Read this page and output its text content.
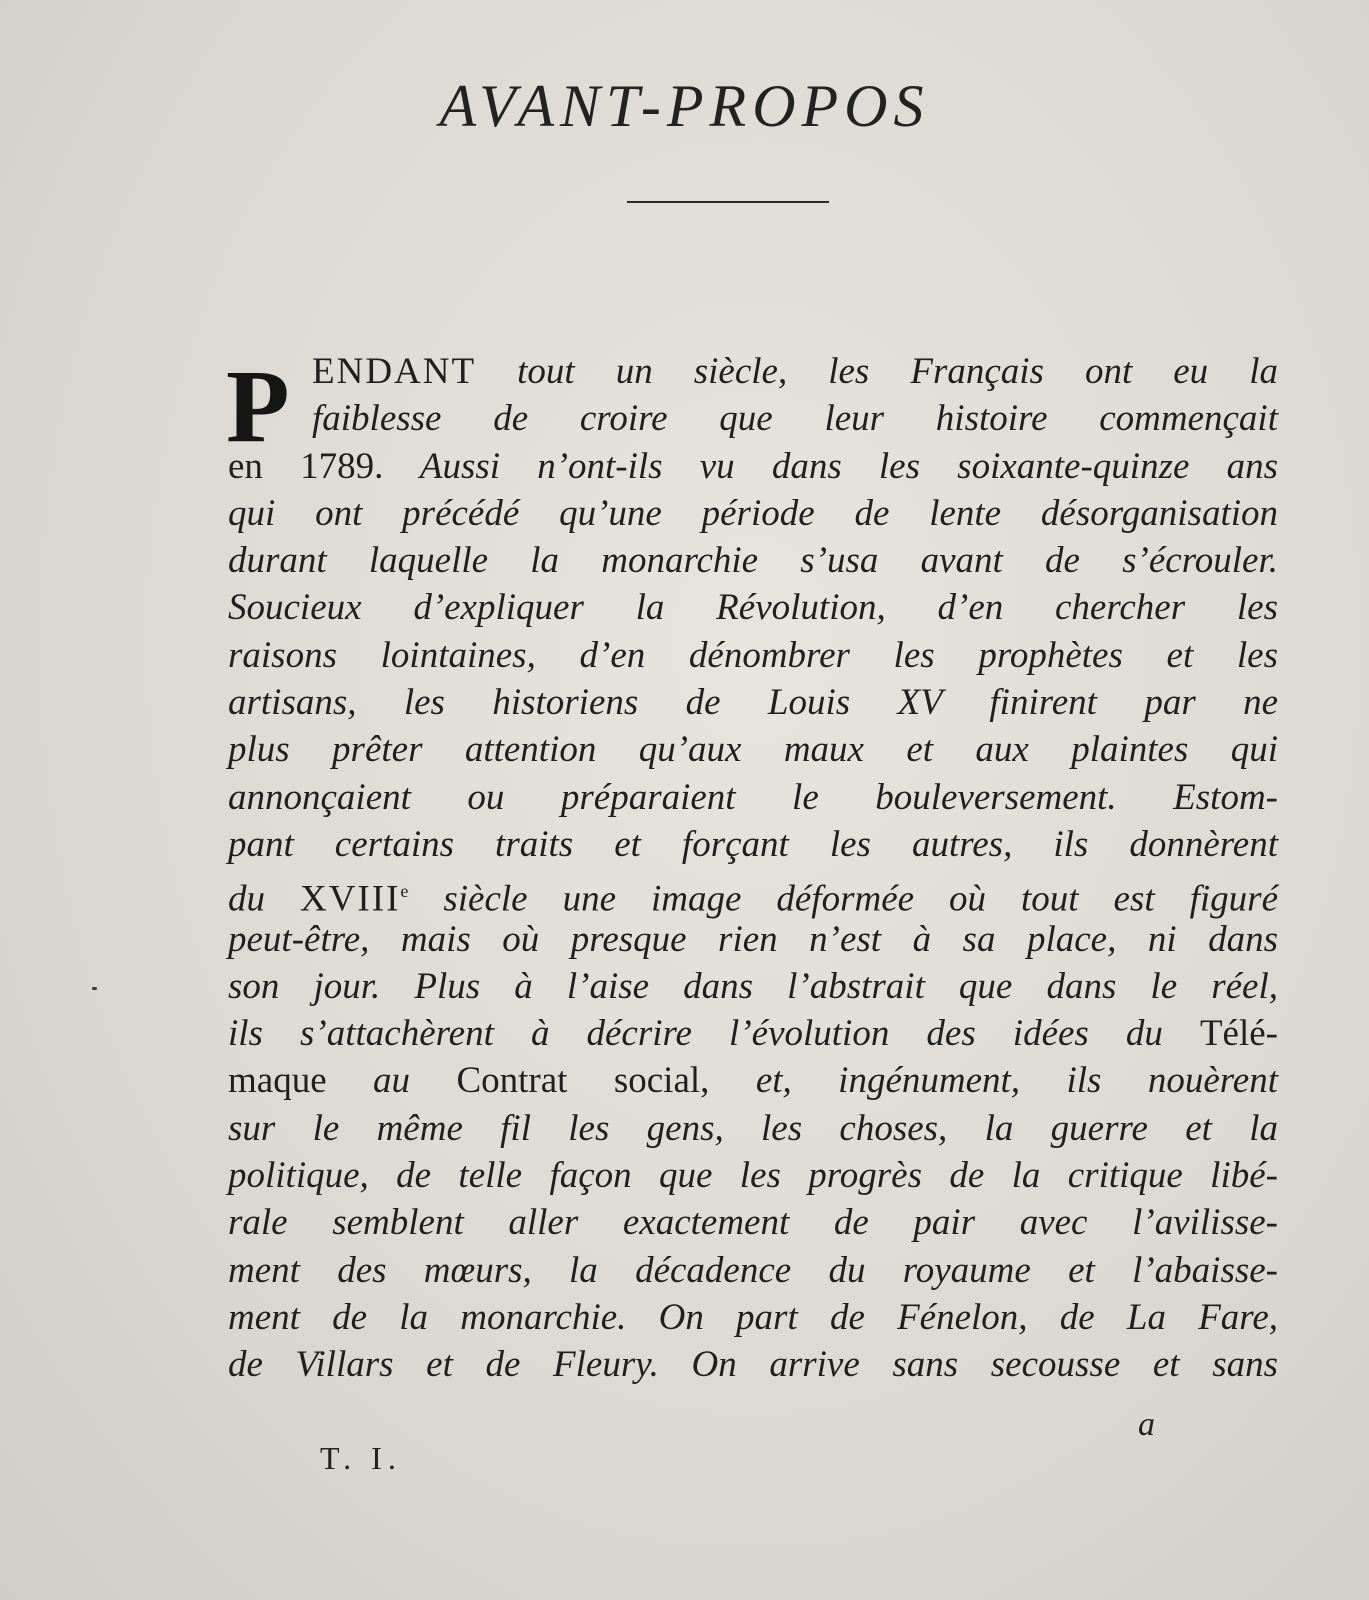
AVANT-PROPOS
P ENDANT tout un siècle, les Français ont eu la
faiblesse de croire que leur histoire commençait
en 1789. Aussi n’ont-ils vu dans les soixante-quinze ans
qui ont précédé qu’une période de lente désorganisation
durant laquelle la monarchie s’usa avant de s’écrouler.
Soucieux d’expliquer la Révolution, d’en chercher les
raisons lointaines, d’en dénombrer les prophètes et les
artisans, les historiens de Louis XV finirent par ne
plus prêter attention qu’aux maux et aux plaintes qui
annonçaient ou préparaient le bouleversement. Estom-
pant certains traits et forçant les autres, ils donnèrent
du XVIIIe siècle une image déformée où tout est figuré
peut-être, mais où presque rien n’est à sa place, ni dans
son jour. Plus à l’aise dans l’abstrait que dans le réel,
ils s’attachèrent à décrire l’évolution des idées du Télé-
maque au Contrat social, et, ingénument, ils nouèrent
sur le même fil les gens, les choses, la guerre et la
politique, de telle façon que les progrès de la critique libé-
rale semblent aller exactement de pair avec l’avilisse-
ment des mœurs, la décadence du royaume et l’abaisse-
ment de la monarchie. On part de Fénelon, de La Fare,
de Villars et de Fleury. On arrive sans secousse et sans
a
T. I.
